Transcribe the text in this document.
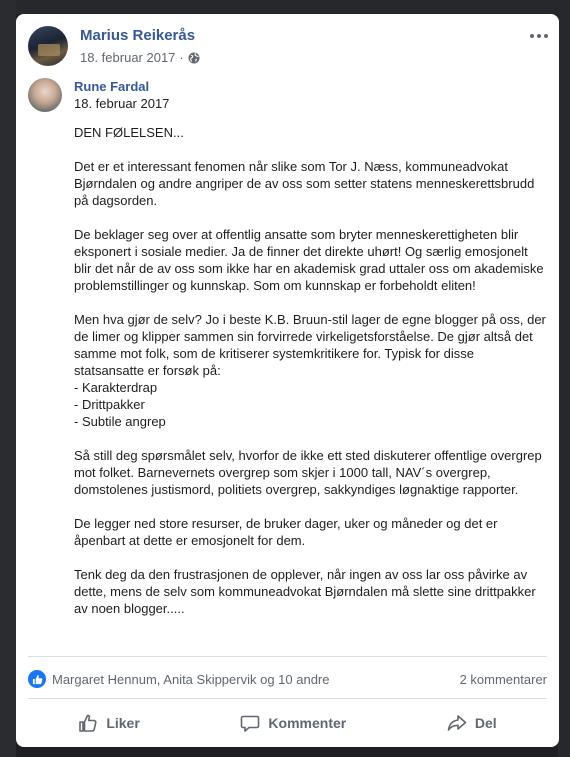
Marius Reikerås
18. februar 2017 ·
Rune Fardal
18. februar 2017

DEN FØLELSEN...

Det er et interessant fenomen når slike som Tor J. Næss, kommuneadvokat Bjørndalen og andre angriper de av oss som setter statens menneskerettsbrudd på dagsorden.

De beklager seg over at offentlig ansatte som bryter menneskerettigheten blir eksponert i sosiale medier. Ja de finner det direkte uhørt! Og særlig emosjonelt blir det når de av oss som ikke har en akademisk grad uttaler oss om akademiske problemstillinger og kunnskap. Som om kunnskap er forbeholdt eliten!

Men hva gjør de selv? Jo i beste K.B. Bruun-stil lager de egne blogger på oss, der de limer og klipper sammen sin forvirrede virkeligetsforståelse. De gjør altså det samme mot folk, som de kritiserer systemkritikere for. Typisk for disse statsansatte er forsøk på:
- Karakterdrap
- Drittpakker
- Subtile angrep

Så still deg spørsmålet selv, hvorfor de ikke ett sted diskuterer offentlige overgrep mot folket. Barnevernets overgrep som skjer i 1000 tall, NAV´s overgrep, domstolenes justismord, politiets overgrep, sakkyndiges løgnaktige rapporter.

De legger ned store resurser, de bruker dager, uker og måneder og det er åpenbart at dette er emosjonelt for dem.

Tenk deg da den frustrasjonen de opplever, når ingen av oss lar oss påvirke av dette, mens de selv som kommuneadvokat Bjørndalen må slette sine drittpakker av noen blogger.....

Margaret Hennum, Anita Skippervik og 10 andre	2 kommentarer
Liker	Kommenter	Del
